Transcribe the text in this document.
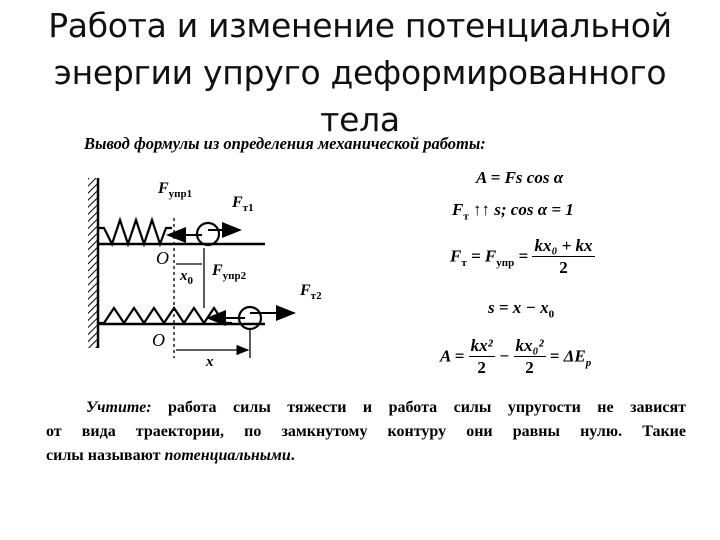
Работа и изменение потенциальной
энергии упруго деформированного
тела
Вывод формулы из определения механической работы:
$F_{упр1}$ $F_{т1}$
O
$x_0$
$F_{упр2}$
$F_{т2}$
O
x
A = Fs cos α
$F_т$ ↑↑ s; cos α = 1
$F_т = F_{упр} = \frac{\text{kx₀ + kx}}{2}$
$s = x - x_0$
$A = \frac{\text{kx²}}{2} - \frac{\text{kx₀²}}{2} = \Delta E_p$
Учтите: работа силы тяжести и работа силы упругости не зависят
от вида траектории, по замкнутому контуру они равны нулю. Такие
силы называют потенциальными.
